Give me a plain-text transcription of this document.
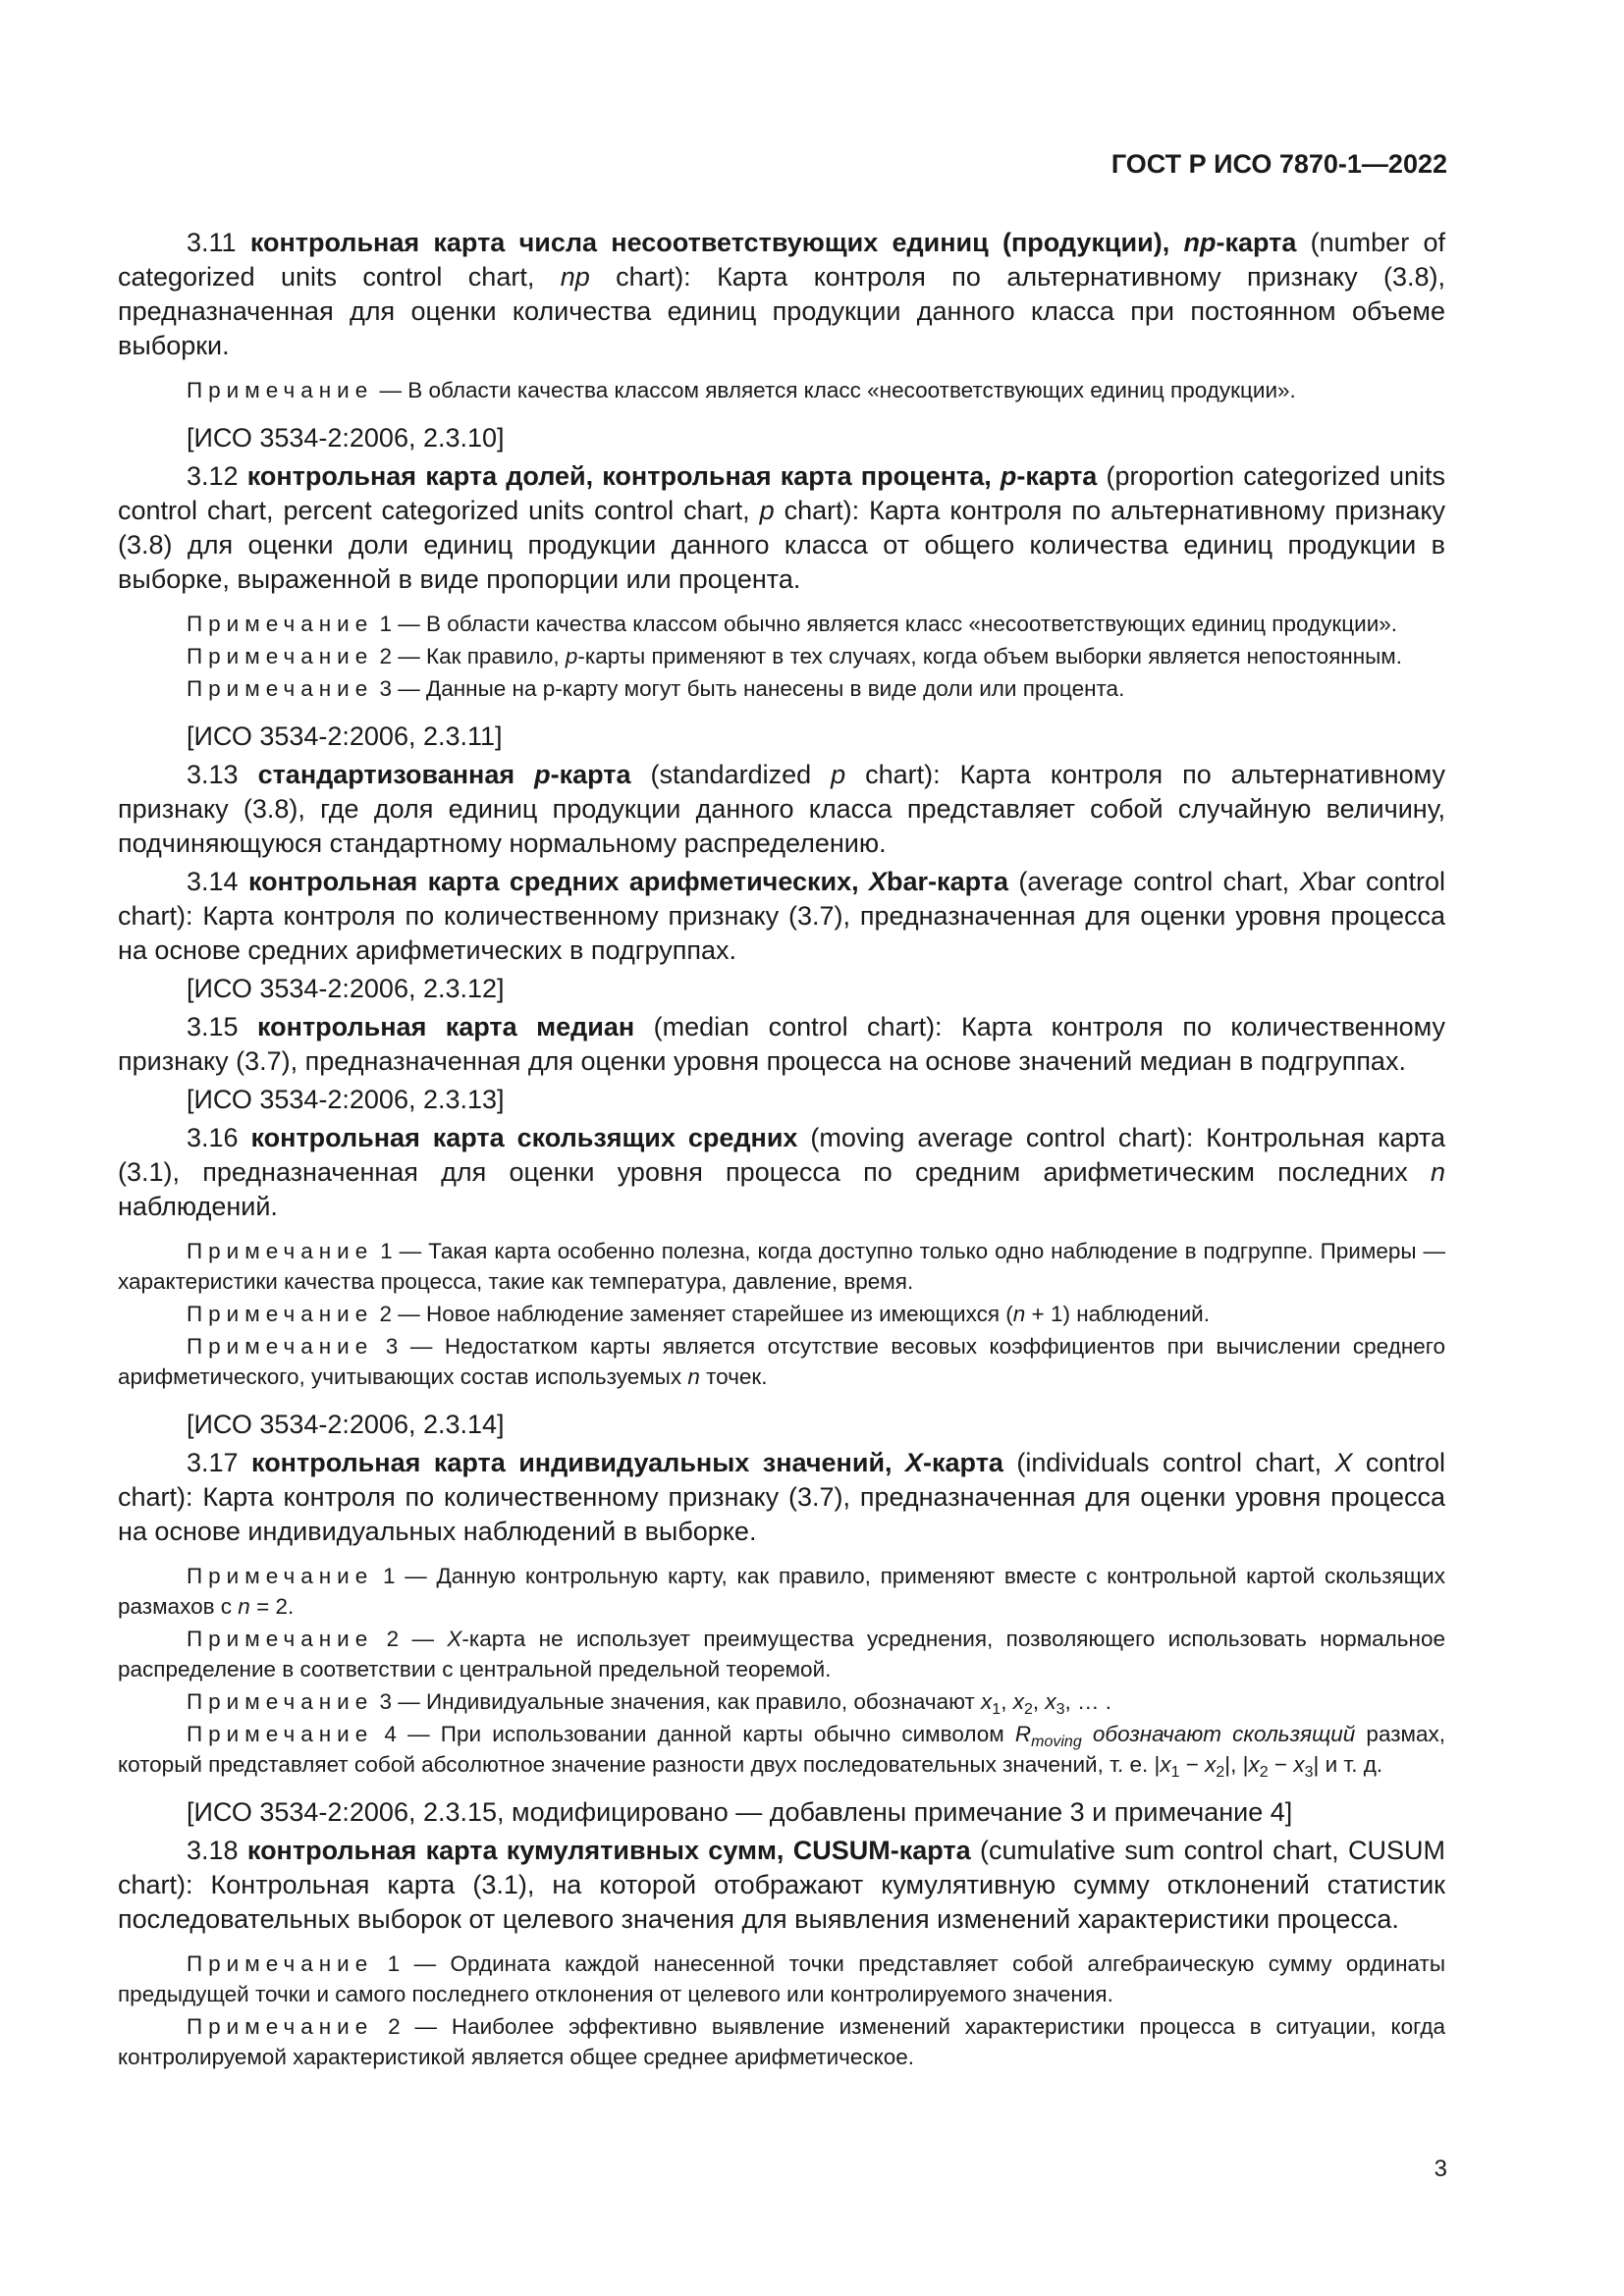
ГОСТ Р ИСО 7870-1—2022

3.11 контрольная карта числа несоответствующих единиц (продукции), np-карта (number of categorized units control chart, np chart): Карта контроля по альтернативному признаку (3.8), предназначенная для оценки количества единиц продукции данного класса при постоянном объеме выборки.

Примечание — В области качества классом является класс «несоответствующих единиц продукции».

[ИСО 3534-2:2006, 2.3.10]

3.12 контрольная карта долей, контрольная карта процента, p-карта (proportion categorized units control chart, percent categorized units control chart, p chart): Карта контроля по альтернативному признаку (3.8) для оценки доли единиц продукции данного класса от общего количества единиц продукции в выборке, выраженной в виде пропорции или процента.

Примечание 1 — В области качества классом обычно является класс «несоответствующих единиц продукции».

Примечание 2 — Как правило, p-карты применяют в тех случаях, когда объем выборки является непостоянным.

Примечание 3 — Данные на p-карту могут быть нанесены в виде доли или процента.

[ИСО 3534-2:2006, 2.3.11]

3.13 стандартизованная p-карта (standardized p chart): Карта контроля по альтернативному признаку (3.8), где доля единиц продукции данного класса представляет собой случайную величину, подчиняющуюся стандартному нормальному распределению.

3.14 контрольная карта средних арифметических, Xbar-карта (average control chart, Xbar control chart): Карта контроля по количественному признаку (3.7), предназначенная для оценки уровня процесса на основе средних арифметических в подгруппах.

[ИСО 3534-2:2006, 2.3.12]

3.15 контрольная карта медиан (median control chart): Карта контроля по количественному признаку (3.7), предназначенная для оценки уровня процесса на основе значений медиан в подгруппах.

[ИСО 3534-2:2006, 2.3.13]

3.16 контрольная карта скользящих средних (moving average control chart): Контрольная карта (3.1), предназначенная для оценки уровня процесса по средним арифметическим последних n наблюдений.

Примечание 1 — Такая карта особенно полезна, когда доступно только одно наблюдение в подгруппе. Примеры — характеристики качества процесса, такие как температура, давление, время.

Примечание 2 — Новое наблюдение заменяет старейшее из имеющихся (n + 1) наблюдений.

Примечание 3 — Недостатком карты является отсутствие весовых коэффициентов при вычислении среднего арифметического, учитывающих состав используемых n точек.

[ИСО 3534-2:2006, 2.3.14]

3.17 контрольная карта индивидуальных значений, X-карта (individuals control chart, X control chart): Карта контроля по количественному признаку (3.7), предназначенная для оценки уровня процесса на основе индивидуальных наблюдений в выборке.

Примечание 1 — Данную контрольную карту, как правило, применяют вместе с контрольной картой скользящих размахов с n = 2.

Примечание 2 — X-карта не использует преимущества усреднения, позволяющего использовать нормальное распределение в соответствии с центральной предельной теоремой.

Примечание 3 — Индивидуальные значения, как правило, обозначают $x_1$, $x_2$, $x_3$, … .

Примечание 4 — При использовании данной карты обычно символом $R_{moving}$ обозначают скользящий размах, который представляет собой абсолютное значение разности двух последовательных значений, т. е. $|x_1 - x_2|$, $|x_2 - x_3|$ и т. д.

[ИСО 3534-2:2006, 2.3.15, модифицировано — добавлены примечание 3 и примечание 4]

3.18 контрольная карта кумулятивных сумм, CUSUM-карта (cumulative sum control chart, CUSUM chart): Контрольная карта (3.1), на которой отображают кумулятивную сумму отклонений статистик последовательных выборок от целевого значения для выявления изменений характеристики процесса.

Примечание 1 — Ордината каждой нанесенной точки представляет собой алгебраическую сумму ординаты предыдущей точки и самого последнего отклонения от целевого или контролируемого значения.

Примечание 2 — Наиболее эффективно выявление изменений характеристики процесса в ситуации, когда контролируемой характеристикой является общее среднее арифметическое.

3
